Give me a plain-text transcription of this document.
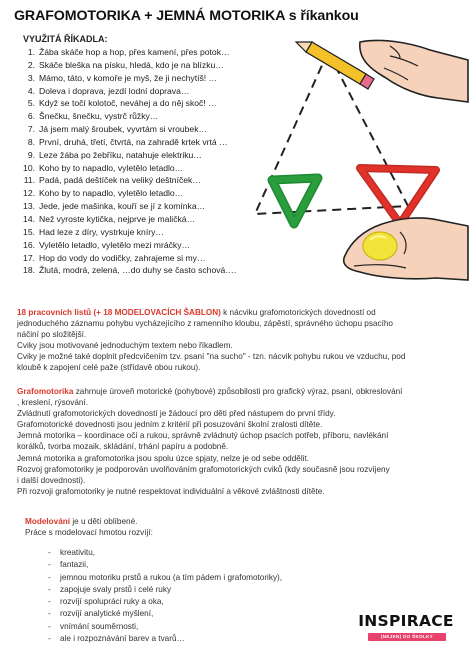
GRAFOMOTORIKA + JEMNÁ MOTORIKA s říkankou
VYUŽITÁ ŘÍKADLA:
1. Žába skáče hop a hop, přes kamení, přes potok…
2. Skáče bleška na písku, hledá, kdo je na blízku…
3. Mámo, táto, v komoře je myš, že ji nechytíš! …
4. Doleva i doprava, jezdí lodní doprava…
5. Když se točí kolotoč, neváhej a do něj skoč! …
6. Šnečku, šnečku, vystrč růžky…
7. Já jsem malý šroubek, vyvrtám si vroubek…
8. První, druhá, třetí, čtvrtá, na zahradě krtek vrtá …
9. Leze žába po žebříku, natahuje elektriku…
10. Koho by to napadlo, vyletělo letadlo…
11. Padá, padá deštíček na veliký deštníček…
12. Koho by to napadlo, vyletělo letadlo…
13. Jede, jede mašinka, kouří se jí z komínka…
14. Než vyroste kytička, nejprve je maličká…
15. Had leze z díry, vystrkuje kníry…
16. Vyletělo letadlo, vyletělo mezi mráčky…
17. Hop do vody do vodičky, zahrajeme si my…
18. Žlutá, modrá, zelená, …do duhy se často schová….

18 pracovních listů (+ 18 MODELOVACÍCH ŠABLON) k nácviku grafomotorických dovedností od

jednoduchého záznamu pohybu vycházejícího z ramenního kloubu, zápěstí, správného úchopu psacího

náčiní po složitější.

Cviky jsou motivované jednoduchým textem nebo říkadlem.

Cviky je možné také doplnit předcvičením tzv. psaní "na sucho" - tzn. nácvik pohybu rukou ve vzduchu, pod

kloubě k zapojení celé paže (střídavě obou rukou).

Grafomotorika zahrnuje úroveň motorické (pohybové) způsobilosti pro grafický výraz, psaní, obkreslování

, kreslení, rýsování.

Zvládnutí grafomotorických dovedností je žádoucí pro děti před nástupem do první třídy.

Grafomotorické dovednosti jsou jedním z kritérií při posuzování školní zralosti dítěte.

Jemná motorika – koordinace očí a rukou, správně zvládnutý úchop psacích potřeb, příboru, navlékání

korálků, tvorba mozaik, skládání, trhání papíru a podobně.

Jemná motorika a grafomotorika jsou spolu úzce spjaty, nelze je od sebe oddělit.

Rozvoj grafomotoriky je podporován uvolňováním grafomotorických cviků (kdy současně jsou rozvíjeny

i další dovednosti).

Při rozvoji grafomotoriky je nutné respektovat individuální a věkové zvláštnosti dítěte.

Modelování je u dětí oblíbené.

Práce s modelovací hmotou rozvíjí:

- kreativitu,
- fantazii,
- jemnou motoriku prstů a rukou (a tím pádem i grafomotoriky),
- zapojuje svaly prstů i celé ruky
- rozvíjí spolupráci ruky a oka,
- rozvíjí analytické myšlení,
- vnímání souměrnosti,
- ale i rozpoznávání barev a tvarů…
INSPIRACE
(NEJEN) DO ŠKOLKY
